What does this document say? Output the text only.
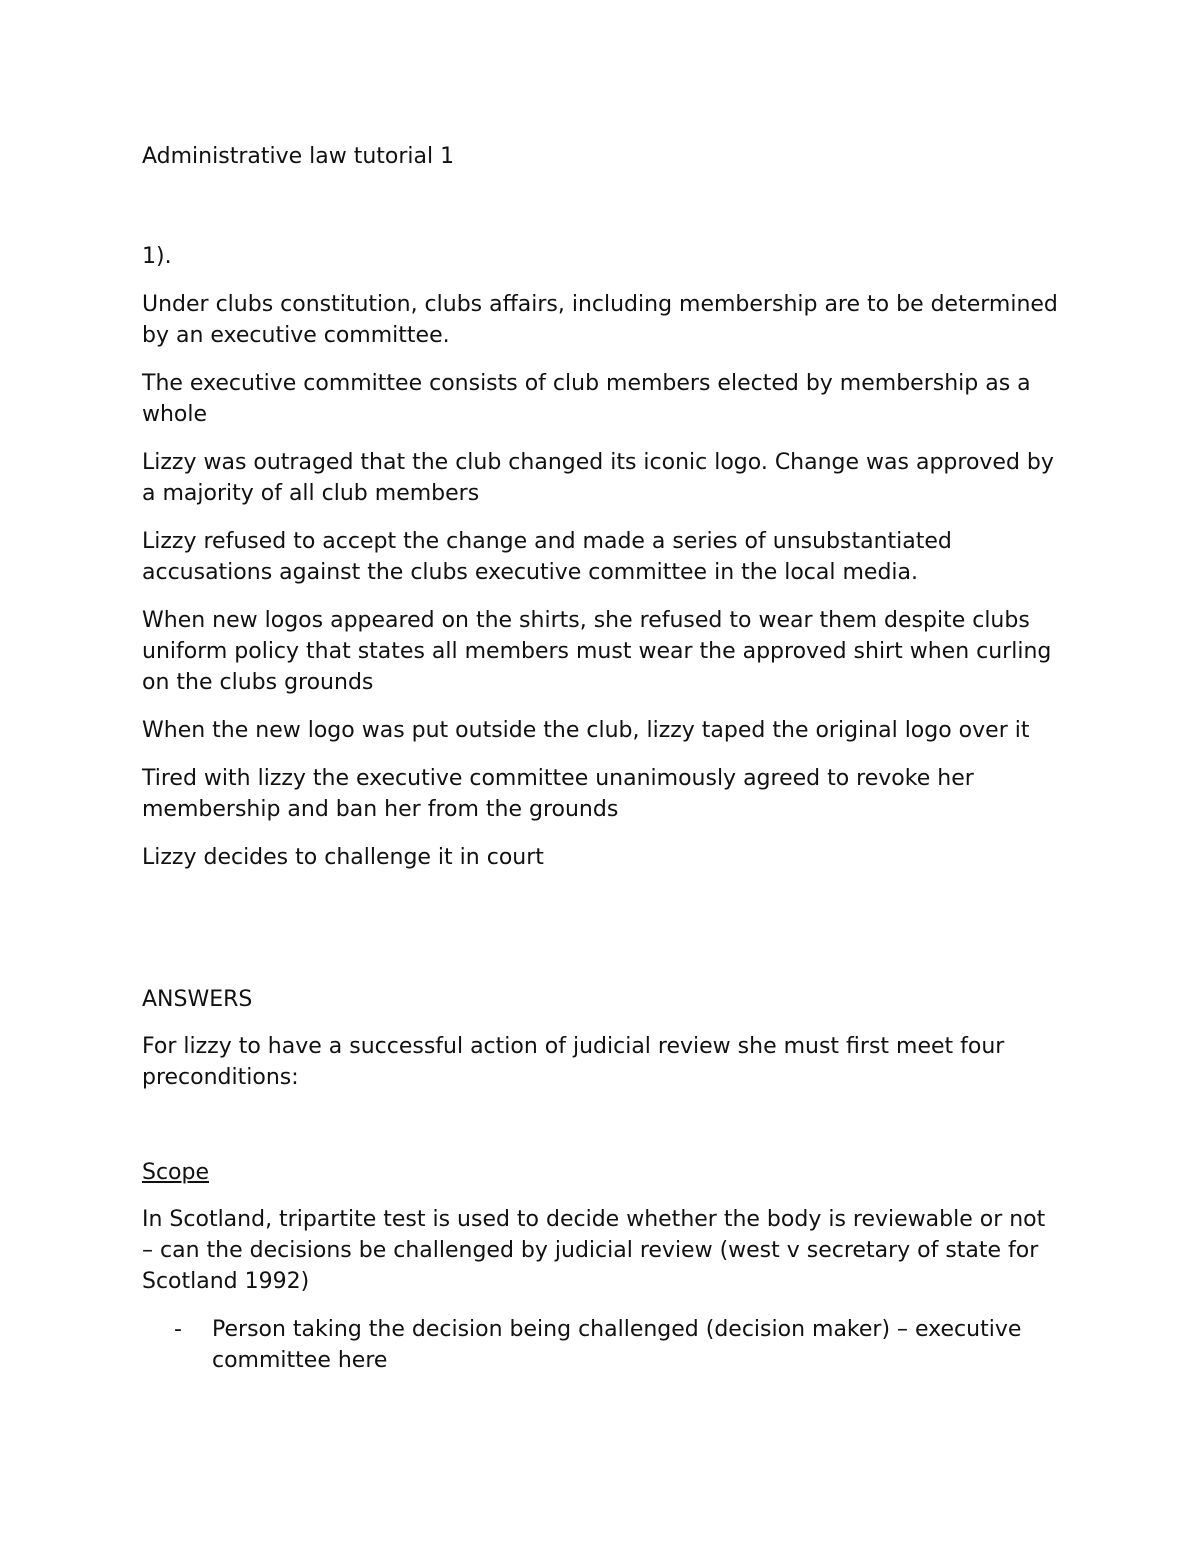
Administrative law tutorial 1

1).

Under clubs constitution, clubs affairs, including membership are to be determined by an executive committee.

The executive committee consists of club members elected by membership as a whole

Lizzy was outraged that the club changed its iconic logo. Change was approved by a majority of all club members

Lizzy refused to accept the change and made a series of unsubstantiated accusations against the clubs executive committee in the local media.

When new logos appeared on the shirts, she refused to wear them despite clubs uniform policy that states all members must wear the approved shirt when curling on the clubs grounds

When the new logo was put outside the club, lizzy taped the original logo over it

Tired with lizzy the executive committee unanimously agreed to revoke her membership and ban her from the grounds

Lizzy decides to challenge it in court

ANSWERS

For lizzy to have a successful action of judicial review she must first meet four preconditions:

Scope

In Scotland, tripartite test is used to decide whether the body is reviewable or not – can the decisions be challenged by judicial review (west v secretary of state for Scotland 1992)

- Person taking the decision being challenged (decision maker) – executive committee here
